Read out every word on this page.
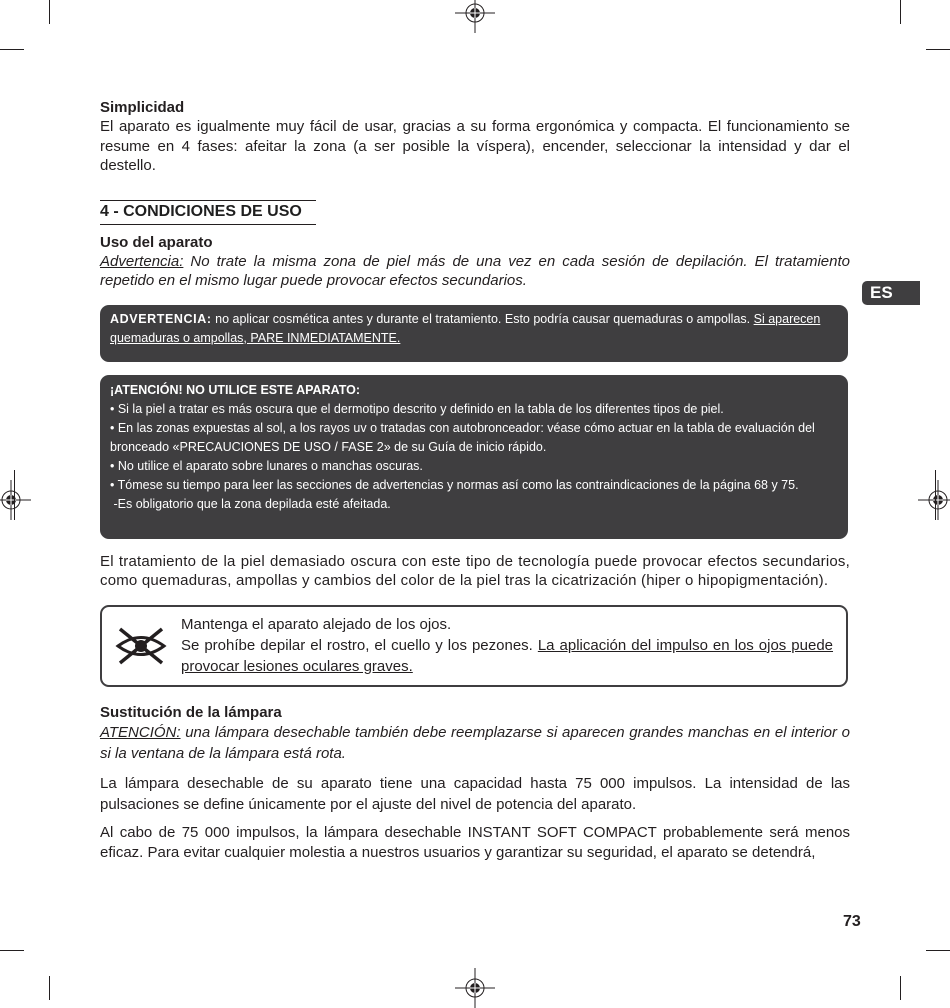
ES

Simplicidad

El aparato es igualmente muy fácil de usar, gracias a su forma ergonómica y compacta. El funcionamiento se resume en 4 fases: afeitar la zona (a ser posible la víspera), encender, seleccionar la intensidad y dar el destello.

4 - CONDICIONES DE USO

Uso del aparato

Advertencia: No trate la misma zona de piel más de una vez en cada sesión de depilación. El tratamiento repetido en el mismo lugar puede provocar efectos secundarios.

ADVERTENCIA: no aplicar cosmética antes y durante el tratamiento. Esto podría causar quemaduras o ampollas. Si aparecen quemaduras o ampollas, PARE INMEDIATAMENTE.
¡ATENCIÓN! NO UTILICE ESTE APARATO:
• Si la piel a tratar es más oscura que el dermotipo descrito y definido en la tabla de los diferentes tipos de piel.
• En las zonas expuestas al sol, a los rayos uv o tratadas con autobronceador: véase cómo actuar en la tabla de evaluación del bronceado «PRECAUCIONES DE USO / FASE 2» de su Guía de inicio rápido.
• No utilice el aparato sobre lunares o manchas oscuras.
• Tómese su tiempo para leer las secciones de advertencias y normas así como las contraindicaciones de la página 68 y 75.
-Es obligatorio que la zona depilada esté afeitada.

El tratamiento de la piel demasiado oscura con este tipo de tecnología puede provocar efectos secundarios, como quemaduras, ampollas y cambios del color de la piel tras la cicatrización (hiper o hipopigmentación).

Mantenga el aparato alejado de los ojos.
Se prohíbe depilar el rostro, el cuello y los pezones. La aplicación del impulso en los ojos puede provocar lesiones oculares graves.

Sustitución de la lámpara

ATENCIÓN: una lámpara desechable también debe reemplazarse si aparecen grandes manchas en el interior o si la ventana de la lámpara está rota.

La lámpara desechable de su aparato tiene una capacidad hasta 75 000 impulsos. La intensidad de las pulsaciones se define únicamente por el ajuste del nivel de potencia del aparato.

Al cabo de 75 000 impulsos, la lámpara desechable INSTANT SOFT COMPACT probablemente será menos eficaz. Para evitar cualquier molestia a nuestros usuarios y garantizar su seguridad, el aparato se detendrá,

73
